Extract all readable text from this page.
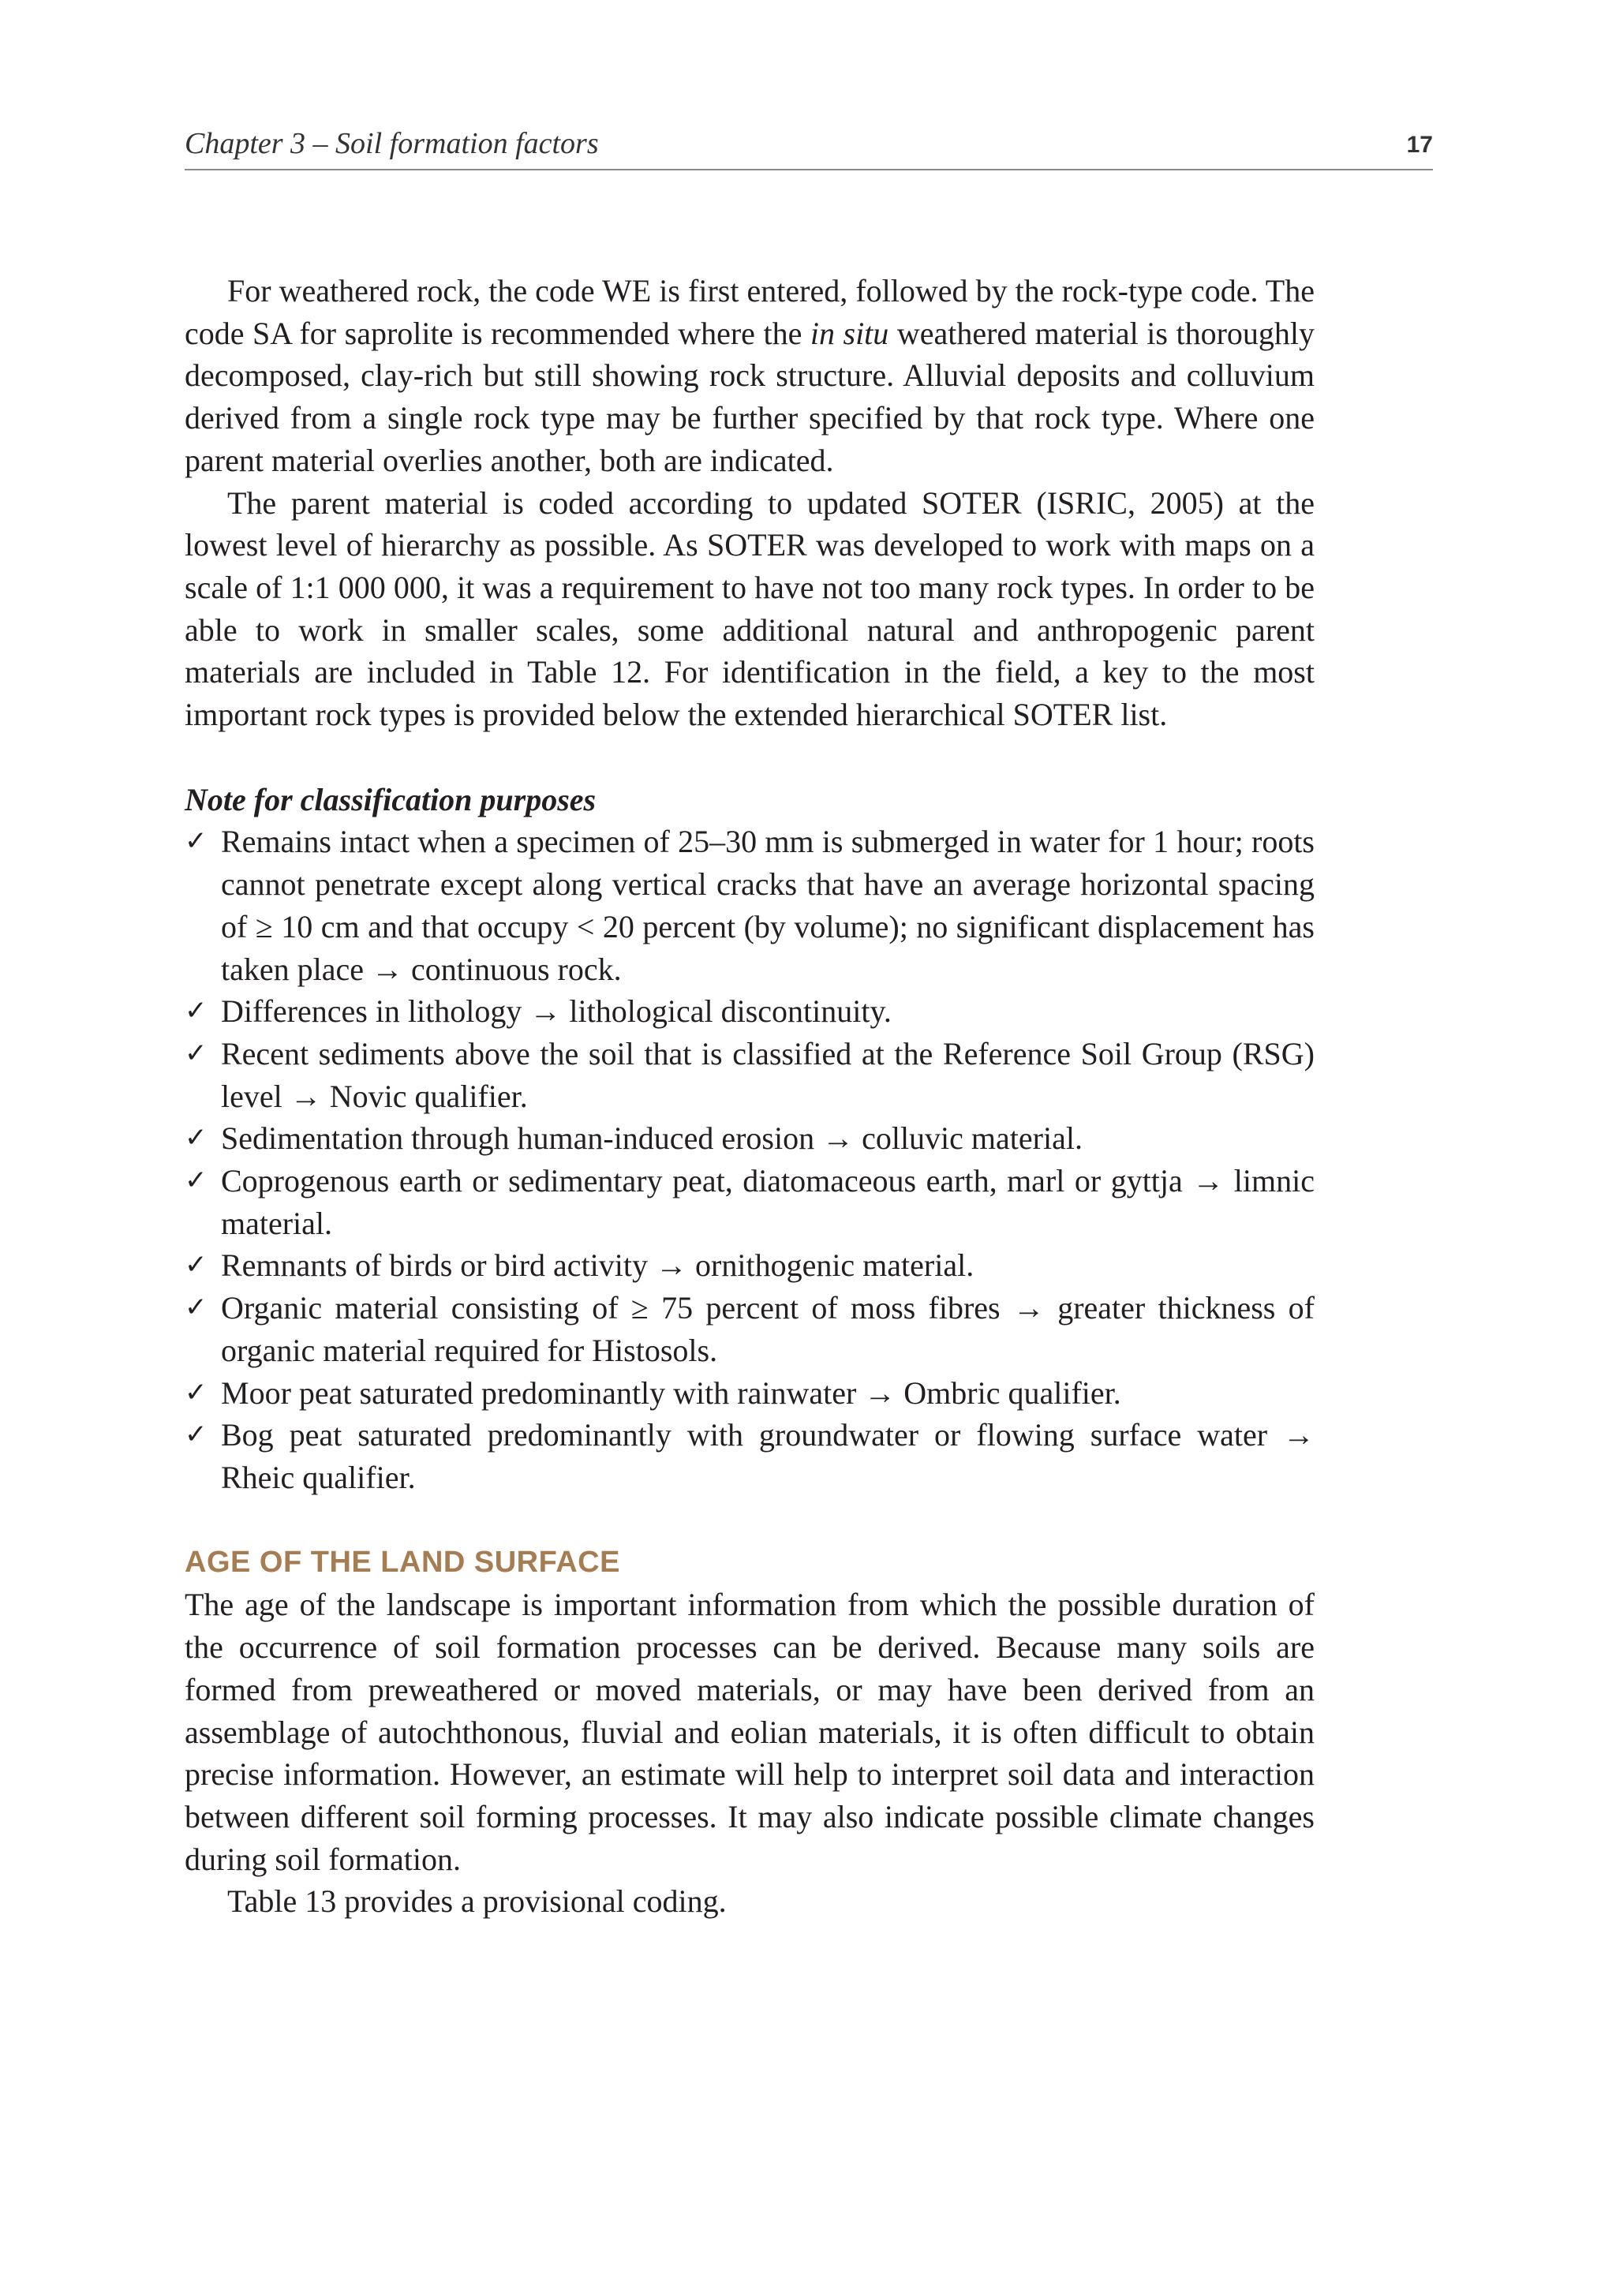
Chapter 3 – Soil formation factors	17

For weathered rock, the code WE is first entered, followed by the rock-type code. The code SA for saprolite is recommended where the in situ weathered material is thoroughly decomposed, clay-rich but still showing rock structure. Alluvial deposits and colluvium derived from a single rock type may be further specified by that rock type. Where one parent material overlies another, both are indicated.

The parent material is coded according to updated SOTER (ISRIC, 2005) at the lowest level of hierarchy as possible. As SOTER was developed to work with maps on a scale of 1:1 000 000, it was a requirement to have not too many rock types. In order to be able to work in smaller scales, some additional natural and anthropogenic parent materials are included in Table 12. For identification in the field, a key to the most important rock types is provided below the extended hierarchical SOTER list.

Note for classification purposes

✓ Remains intact when a specimen of 25–30 mm is submerged in water for 1 hour; roots cannot penetrate except along vertical cracks that have an average horizontal spacing of ≥ 10 cm and that occupy < 20 percent (by volume); no significant displacement has taken place → continuous rock.
✓ Differences in lithology → lithological discontinuity.
✓ Recent sediments above the soil that is classified at the Reference Soil Group (RSG) level → Novic qualifier.
✓ Sedimentation through human-induced erosion → colluvic material.
✓ Coprogenous earth or sedimentary peat, diatomaceous earth, marl or gyttja → limnic material.
✓ Remnants of birds or bird activity → ornithogenic material.
✓ Organic material consisting of ≥ 75 percent of moss fibres → greater thickness of organic material required for Histosols.
✓ Moor peat saturated predominantly with rainwater → Ombric qualifier.
✓ Bog peat saturated predominantly with groundwater or flowing surface water → Rheic qualifier.

AGE OF THE LAND SURFACE

The age of the landscape is important information from which the possible duration of the occurrence of soil formation processes can be derived. Because many soils are formed from preweathered or moved materials, or may have been derived from an assemblage of autochthonous, fluvial and eolian materials, it is often difficult to obtain precise information. However, an estimate will help to interpret soil data and interaction between different soil forming processes. It may also indicate possible climate changes during soil formation.

Table 13 provides a provisional coding.
